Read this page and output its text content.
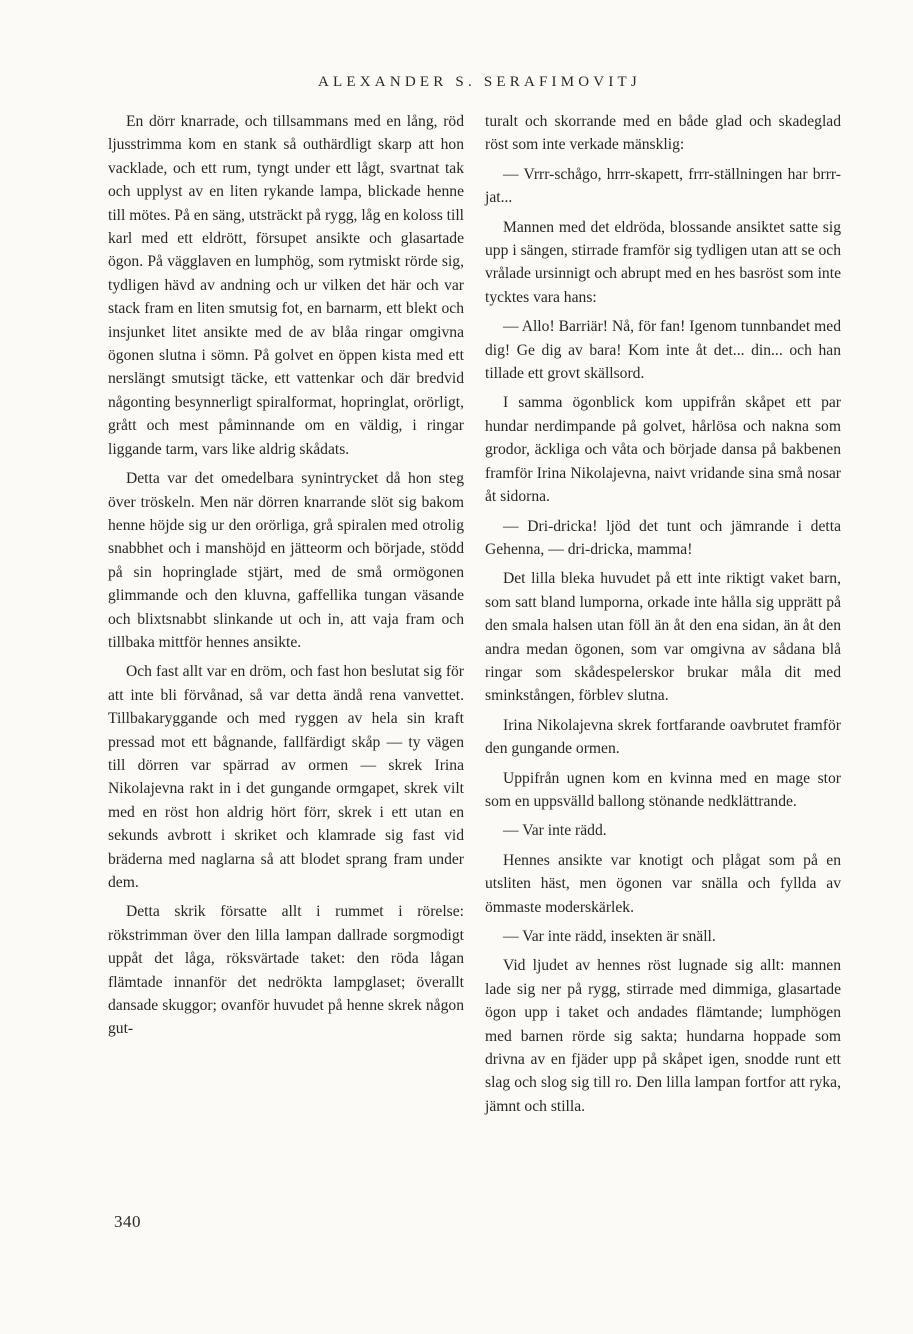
ALEXANDER S. SERAFIMOVITJ

En dörr knarrade, och tillsammans med en lång, röd ljusstrimma kom en stank så outhärdligt skarp att hon vacklade, och ett rum, tyngt under ett lågt, svartnat tak och upplyst av en liten rykande lampa, blickade henne till mötes. På en säng, utsträckt på rygg, låg en koloss till karl med ett eldrött, försupet ansikte och glasartade ögon. På vägglaven en lumphög, som rytmiskt rörde sig, tydligen hävd av andning och ur vilken det här och var stack fram en liten smutsig fot, en barnarm, ett blekt och insjunket litet ansikte med de av blåa ringar omgivna ögonen slutna i sömn. På golvet en öppen kista med ett nerslängt smutsigt täcke, ett vattenkar och där bredvid någonting besynnerligt spiralformat, hopringlat, orörligt, grått och mest påminnande om en väldig, i ringar liggande tarm, vars like aldrig skådats.

Detta var det omedelbara synintrycket då hon steg över tröskeln. Men när dörren knarrande slöt sig bakom henne höjde sig ur den orörliga, grå spiralen med otrolig snabbhet och i manshöjd en jätteorm och började, stödd på sin hopringlade stjärt, med de små ormögonen glimmande och den kluvna, gaffellika tungan väsande och blixtsnabbt slinkande ut och in, att vaja fram och tillbaka mittför hennes ansikte.

Och fast allt var en dröm, och fast hon beslutat sig för att inte bli förvånad, så var detta ändå rena vanvettet. Tillbakaryggande och med ryggen av hela sin kraft pressad mot ett bågnande, fallfärdigt skåp — ty vägen till dörren var spärrad av ormen — skrek Irina Nikolajevna rakt in i det gungande ormgapet, skrek vilt med en röst hon aldrig hört förr, skrek i ett utan en sekunds avbrott i skriket och klamrade sig fast vid bräderna med naglarna så att blodet sprang fram under dem.

Detta skrik försatte allt i rummet i rörelse: rökstrimman över den lilla lampan dallrade sorgmodigt uppåt det låga, röksvärtade taket: den röda lågan flämtade innanför det nedrökta lampglaset; överallt dansade skuggor; ovanför huvudet på henne skrek någon gut-

turalt och skorrande med en både glad och skadeglad röst som inte verkade mänsklig:

— Vrrr-schågo, hrrr-skapett, frrr-ställningen har brrr-jat...

Mannen med det eldröda, blossande ansiktet satte sig upp i sängen, stirrade framför sig tydligen utan att se och vrålade ursinnigt och abrupt med en hes basröst som inte tycktes vara hans:

— Allo! Barriär! Nå, för fan! Igenom tunnbandet med dig! Ge dig av bara! Kom inte åt det... din... och han tillade ett grovt skällsord.

I samma ögonblick kom uppifrån skåpet ett par hundar nerdimpande på golvet, hårlösa och nakna som grodor, äckliga och våta och började dansa på bakbenen framför Irina Nikolajevna, naivt vridande sina små nosar åt sidorna.

— Dri-dricka! ljöd det tunt och jämrande i detta Gehenna, — dri-dricka, mamma!

Det lilla bleka huvudet på ett inte riktigt vaket barn, som satt bland lumporna, orkade inte hålla sig upprätt på den smala halsen utan föll än åt den ena sidan, än åt den andra medan ögonen, som var omgivna av sådana blå ringar som skådespelerskor brukar måla dit med sminkstången, förblev slutna.

Irina Nikolajevna skrek fortfarande oavbrutet framför den gungande ormen.

Uppifrån ugnen kom en kvinna med en mage stor som en uppsvälld ballong stönande nedklättrande.

— Var inte rädd.

Hennes ansikte var knotigt och plågat som på en utsliten häst, men ögonen var snälla och fyllda av ömmaste moderskärlek.

— Var inte rädd, insekten är snäll.

Vid ljudet av hennes röst lugnade sig allt: mannen lade sig ner på rygg, stirrade med dimmiga, glasartade ögon upp i taket och andades flämtande; lumphögen med barnen rörde sig sakta; hundarna hoppade som drivna av en fjäder upp på skåpet igen, snodde runt ett slag och slog sig till ro. Den lilla lampan fortfor att ryka, jämnt och stilla.

340
